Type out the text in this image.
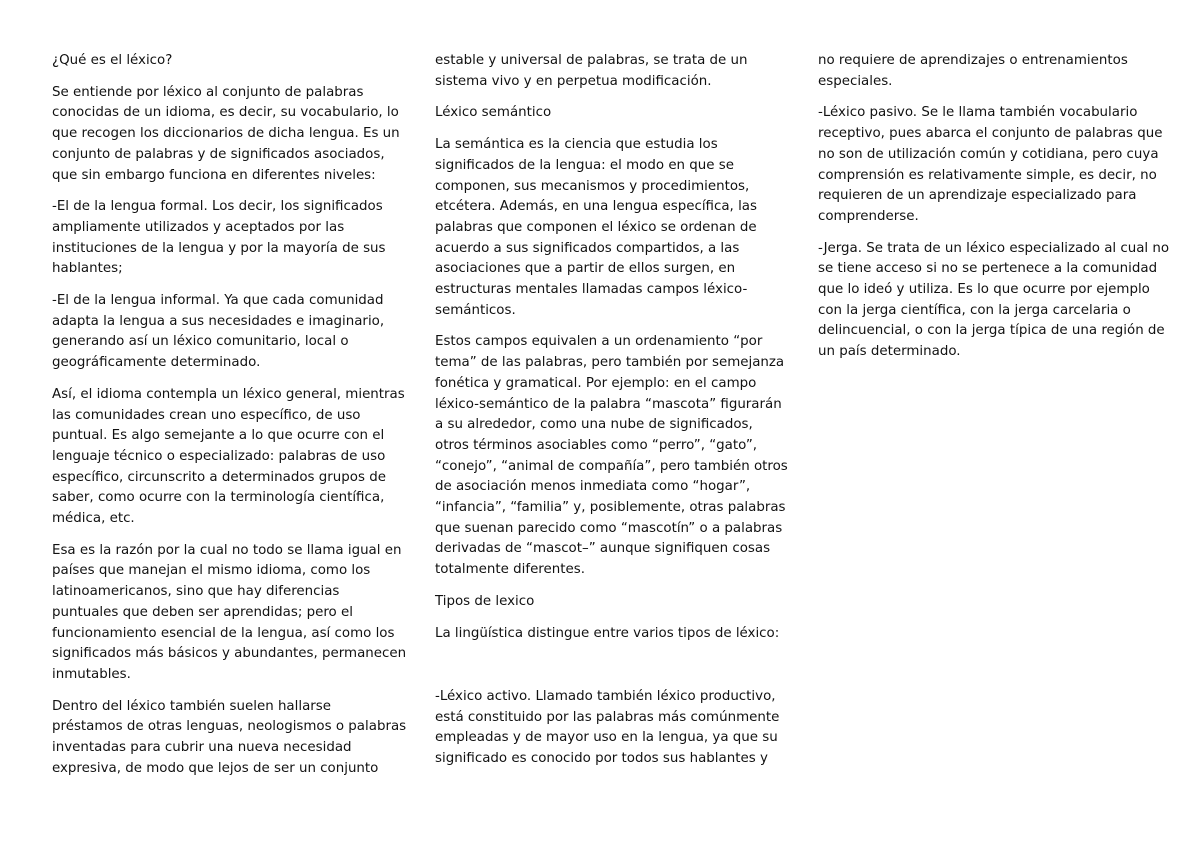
¿Qué es el léxico?

Se entiende por léxico al conjunto de palabras
conocidas de un idioma, es decir, su vocabulario, lo
que recogen los diccionarios de dicha lengua. Es un
conjunto de palabras y de significados asociados,
que sin embargo funciona en diferentes niveles:

-El de la lengua formal. Los decir, los significados
ampliamente utilizados y aceptados por las
instituciones de la lengua y por la mayoría de sus
hablantes;

-El de la lengua informal. Ya que cada comunidad
adapta la lengua a sus necesidades e imaginario,
generando así un léxico comunitario, local o
geográficamente determinado.

Así, el idioma contempla un léxico general, mientras
las comunidades crean uno específico, de uso
puntual. Es algo semejante a lo que ocurre con el
lenguaje técnico o especializado: palabras de uso
específico, circunscrito a determinados grupos de
saber, como ocurre con la terminología científica,
médica, etc.

Esa es la razón por la cual no todo se llama igual en
países que manejan el mismo idioma, como los
latinoamericanos, sino que hay diferencias
puntuales que deben ser aprendidas; pero el
funcionamiento esencial de la lengua, así como los
significados más básicos y abundantes, permanecen
inmutables.

Dentro del léxico también suelen hallarse
préstamos de otras lenguas, neologismos o palabras
inventadas para cubrir una nueva necesidad
expresiva, de modo que lejos de ser un conjunto

estable y universal de palabras, se trata de un
sistema vivo y en perpetua modificación.

Léxico semántico

La semántica es la ciencia que estudia los
significados de la lengua: el modo en que se
componen, sus mecanismos y procedimientos,
etcétera. Además, en una lengua específica, las
palabras que componen el léxico se ordenan de
acuerdo a sus significados compartidos, a las
asociaciones que a partir de ellos surgen, en
estructuras mentales llamadas campos léxico-
semánticos.

Estos campos equivalen a un ordenamiento “por
tema” de las palabras, pero también por semejanza
fonética y gramatical. Por ejemplo: en el campo
léxico-semántico de la palabra “mascota” figurarán
a su alrededor, como una nube de significados,
otros términos asociables como “perro”, “gato”,
“conejo”, “animal de compañía”, pero también otros
de asociación menos inmediata como “hogar”,
“infancia”, “familia” y, posiblemente, otras palabras
que suenan parecido como “mascotín” o a palabras
derivadas de “mascot–” aunque signifiquen cosas
totalmente diferentes.

Tipos de lexico

La lingüística distingue entre varios tipos de léxico:

-Léxico activo. Llamado también léxico productivo,
está constituido por las palabras más comúnmente
empleadas y de mayor uso en la lengua, ya que su
significado es conocido por todos sus hablantes y

no requiere de aprendizajes o entrenamientos
especiales.

-Léxico pasivo. Se le llama también vocabulario
receptivo, pues abarca el conjunto de palabras que
no son de utilización común y cotidiana, pero cuya
comprensión es relativamente simple, es decir, no
requieren de un aprendizaje especializado para
comprenderse.

-Jerga. Se trata de un léxico especializado al cual no
se tiene acceso si no se pertenece a la comunidad
que lo ideó y utiliza. Es lo que ocurre por ejemplo
con la jerga científica, con la jerga carcelaria o
delincuencial, o con la jerga típica de una región de
un país determinado.
